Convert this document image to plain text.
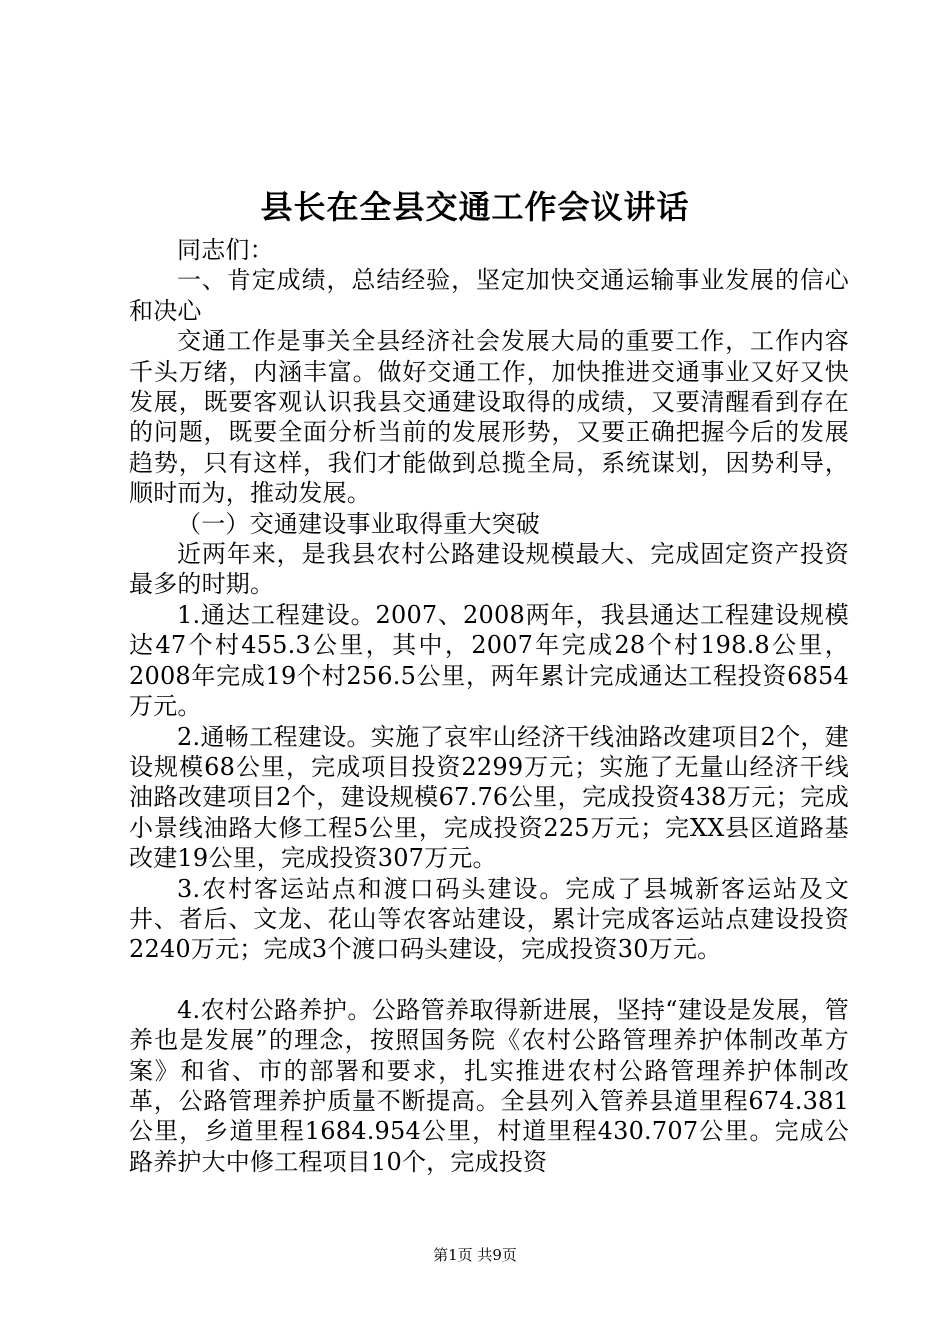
县长在全县交通工作会议讲话

同志们：

一、肯定成绩，总结经验，坚定加快交通运输事业发展的信心和决心

交通工作是事关全县经济社会发展大局的重要工作，工作内容千头万绪，内涵丰富。做好交通工作，加快推进交通事业又好又快发展，既要客观认识我县交通建设取得的成绩，又要清醒看到存在的问题，既要全面分析当前的发展形势，又要正确把握今后的发展趋势，只有这样，我们才能做到总揽全局，系统谋划，因势利导，顺时而为，推动发展。

（一）交通建设事业取得重大突破

近两年来，是我县农村公路建设规模最大、完成固定资产投资最多的时期。

1.通达工程建设。2007、2008两年，我县通达工程建设规模达47个村455.3公里，其中，2007年完成28个村198.8公里，2008年完成19个村256.5公里，两年累计完成通达工程投资6854万元。

2.通畅工程建设。实施了哀牢山经济干线油路改建项目2个，建设规模68公里，完成项目投资2299万元；实施了无量山经济干线油路改建项目2个，建设规模67.76公里，完成投资438万元；完成小景线油路大修工程5公里，完成投资225万元；完XX县区道路基改建19公里，完成投资307万元。

3.农村客运站点和渡口码头建设。完成了县城新客运站及文井、者后、文龙、花山等农客站建设，累计完成客运站点建设投资2240万元；完成3个渡口码头建设，完成投资30万元。

4.农村公路养护。公路管养取得新进展，坚持“建设是发展，管养也是发展”的理念，按照国务院《农村公路管理养护体制改革方案》和省、市的部署和要求，扎实推进农村公路管理养护体制改革，公路管理养护质量不断提高。全县列入管养县道里程674.381公里，乡道里程1684.954公里，村道里程430.707公里。完成公路养护大中修工程项目10个，完成投资

第1页 共9页
